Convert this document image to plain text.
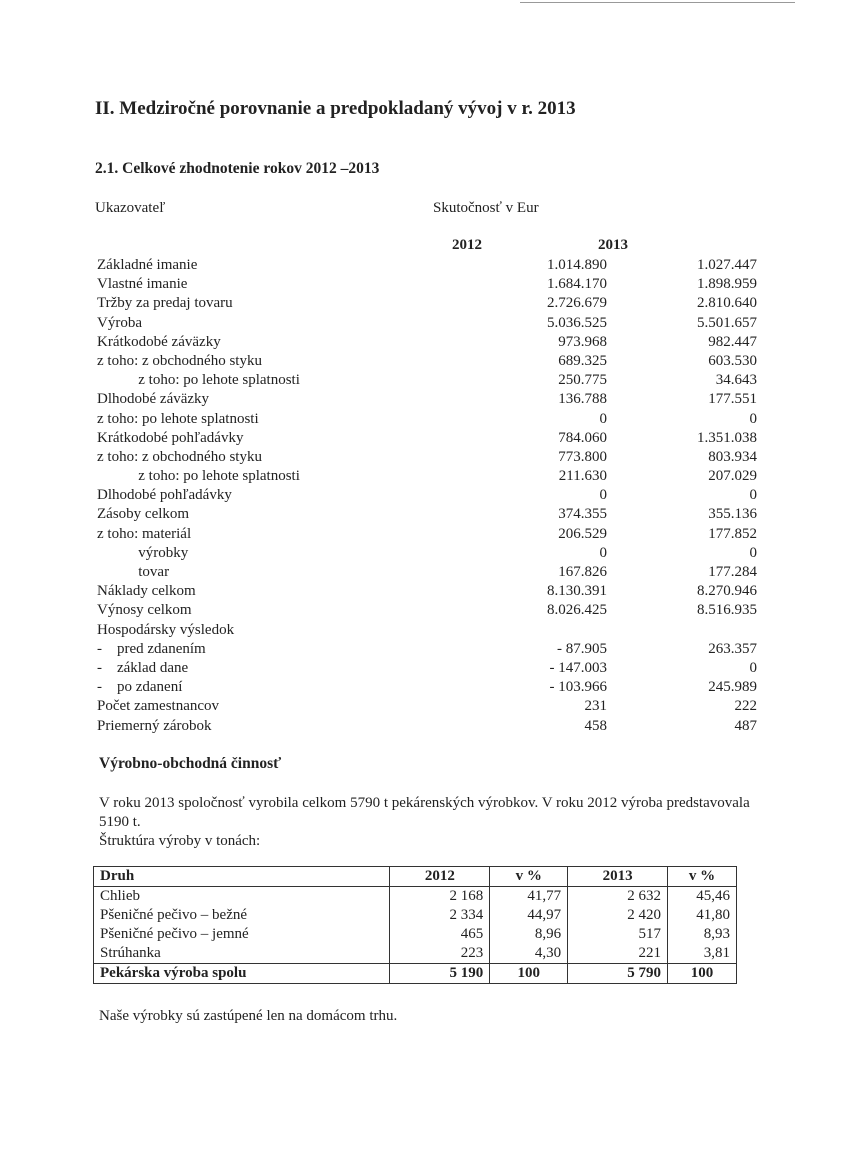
II. Medziročné porovnanie a predpokladaný vývoj v r. 2013
2.1. Celkové zhodnotenie rokov 2012 –2013
Ukazovateľ	Skutočnosť v Eur
2012	2013
Základné imanie	1.014.890	1.027.447
Vlastné imanie	1.684.170	1.898.959
Tržby za predaj tovaru	2.726.679	2.810.640
Výroba	5.036.525	5.501.657
Krátkodobé záväzky	973.968	982.447
z toho: z obchodného styku	689.325	603.530
z toho: po lehote splatnosti	250.775	34.643
Dlhodobé záväzky	136.788	177.551
z toho: po lehote splatnosti	0	0
Krátkodobé pohľadávky	784.060	1.351.038
z toho: z obchodného styku	773.800	803.934
z toho: po lehote splatnosti	211.630	207.029
Dlhodobé pohľadávky	0	0
Zásoby celkom	374.355	355.136
z toho: materiál	206.529	177.852
výrobky	0	0
tovar	167.826	177.284
Náklady celkom	8.130.391	8.270.946
Výnosy celkom	8.026.425	8.516.935
Hospodársky výsledok
-    pred zdanením	- 87.905	263.357
-    základ dane	- 147.003	0
-    po zdanení	- 103.966	245.989
Počet zamestnancov	231	222
Priemerný zárobok	458	487
Výrobno-obchodná činnosť
V roku 2013 spoločnosť vyrobila celkom 5790 t pekárenských výrobkov. V roku 2012 výroba predstavovala 5190 t.
Štruktúra výroby v tonách:
Druh	2012	v %	2013	v %
Chlieb	2 168	41,77	2 632	45,46
Pšeničné pečivo – bežné	2 334	44,97	2 420	41,80
Pšeničné pečivo – jemné	465	8,96	517	8,93
Strúhanka	223	4,30	221	3,81
Pekárska výroba spolu	5 190	100	5 790	100
Naše výrobky sú zastúpené len na domácom trhu.
